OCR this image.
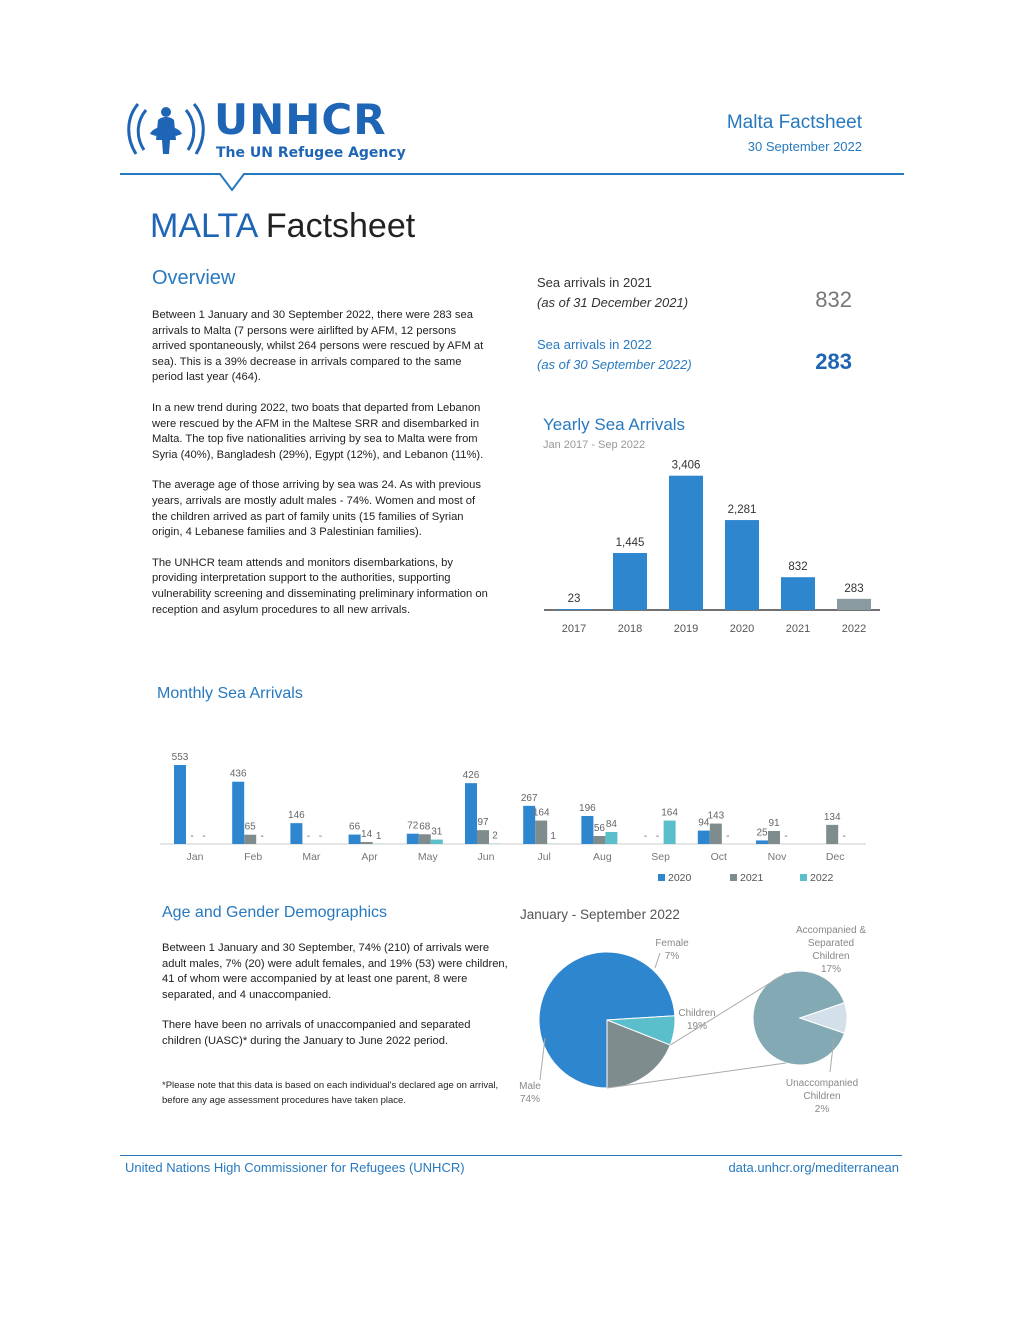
UNHCR
The UN Refugee Agency
Malta Factsheet
30 September 2022
MALTA Factsheet
Overview

Between 1 January and 30 September 2022, there were 283 sea arrivals to Malta (7 persons were airlifted by AFM, 12 persons arrived spontaneously, whilst 264 persons were rescued by AFM at sea). This is a 39% decrease in arrivals compared to the same period last year (464).

In a new trend during 2022, two boats that departed from Lebanon were rescued by the AFM in the Maltese SRR and disembarked in Malta. The top five nationalities arriving by sea to Malta were from Syria (40%), Bangladesh (29%), Egypt (12%), and Lebanon (11%).

The average age of those arriving by sea was 24. As with previous years, arrivals are mostly adult males - 74%. Women and most of the children arrived as part of family units (15 families of Syrian origin, 4 Lebanese families and 3 Palestinian families).

The UNHCR team attends and monitors disembarkations, by providing interpretation support to the authorities, supporting vulnerability screening and disseminating preliminary information on reception and asylum procedures to all new arrivals.

Sea arrivals in 2021
(as of 31 December 2021)	832
Sea arrivals in 2022
(as of 30 September 2022)	283
Yearly Sea Arrivals
Jan 2017 - Sep 2022
23
2017
1,445
2018
3,406
2019
2,281
2020
832
2021
283
2022
Monthly Sea Arrivals
553
- -
Jan
436
65
-
Feb
146
- -
Mar
66
14 1
Apr
72 68 31
May
426
97
2
Jun
267
164
1
Jul
196
56 84
Aug
- -
164
Sep
94
143
-
Oct
25
91
-
Nov
134
-
Dec
2020	2021	2022
Age and Gender Demographics

Between 1 January and 30 September, 74% (210) of arrivals were adult males, 7% (20) were adult females, and 19% (53) were children, 41 of whom were accompanied by at least one parent, 8 were separated, and 4 unaccompanied.

There have been no arrivals of unaccompanied and separated children (UASC)* during the January to June 2022 period.

*Please note that this data is based on each individual's declared age on arrival, before any age assessment procedures have taken place.
January - September 2022
Female 7%
Children 19%
Male 74%
Accompanied & Separated Children 17%
Unaccompanied Children 2%
United Nations High Commissioner for Refugees (UNHCR)	data.unhcr.org/mediterranean
